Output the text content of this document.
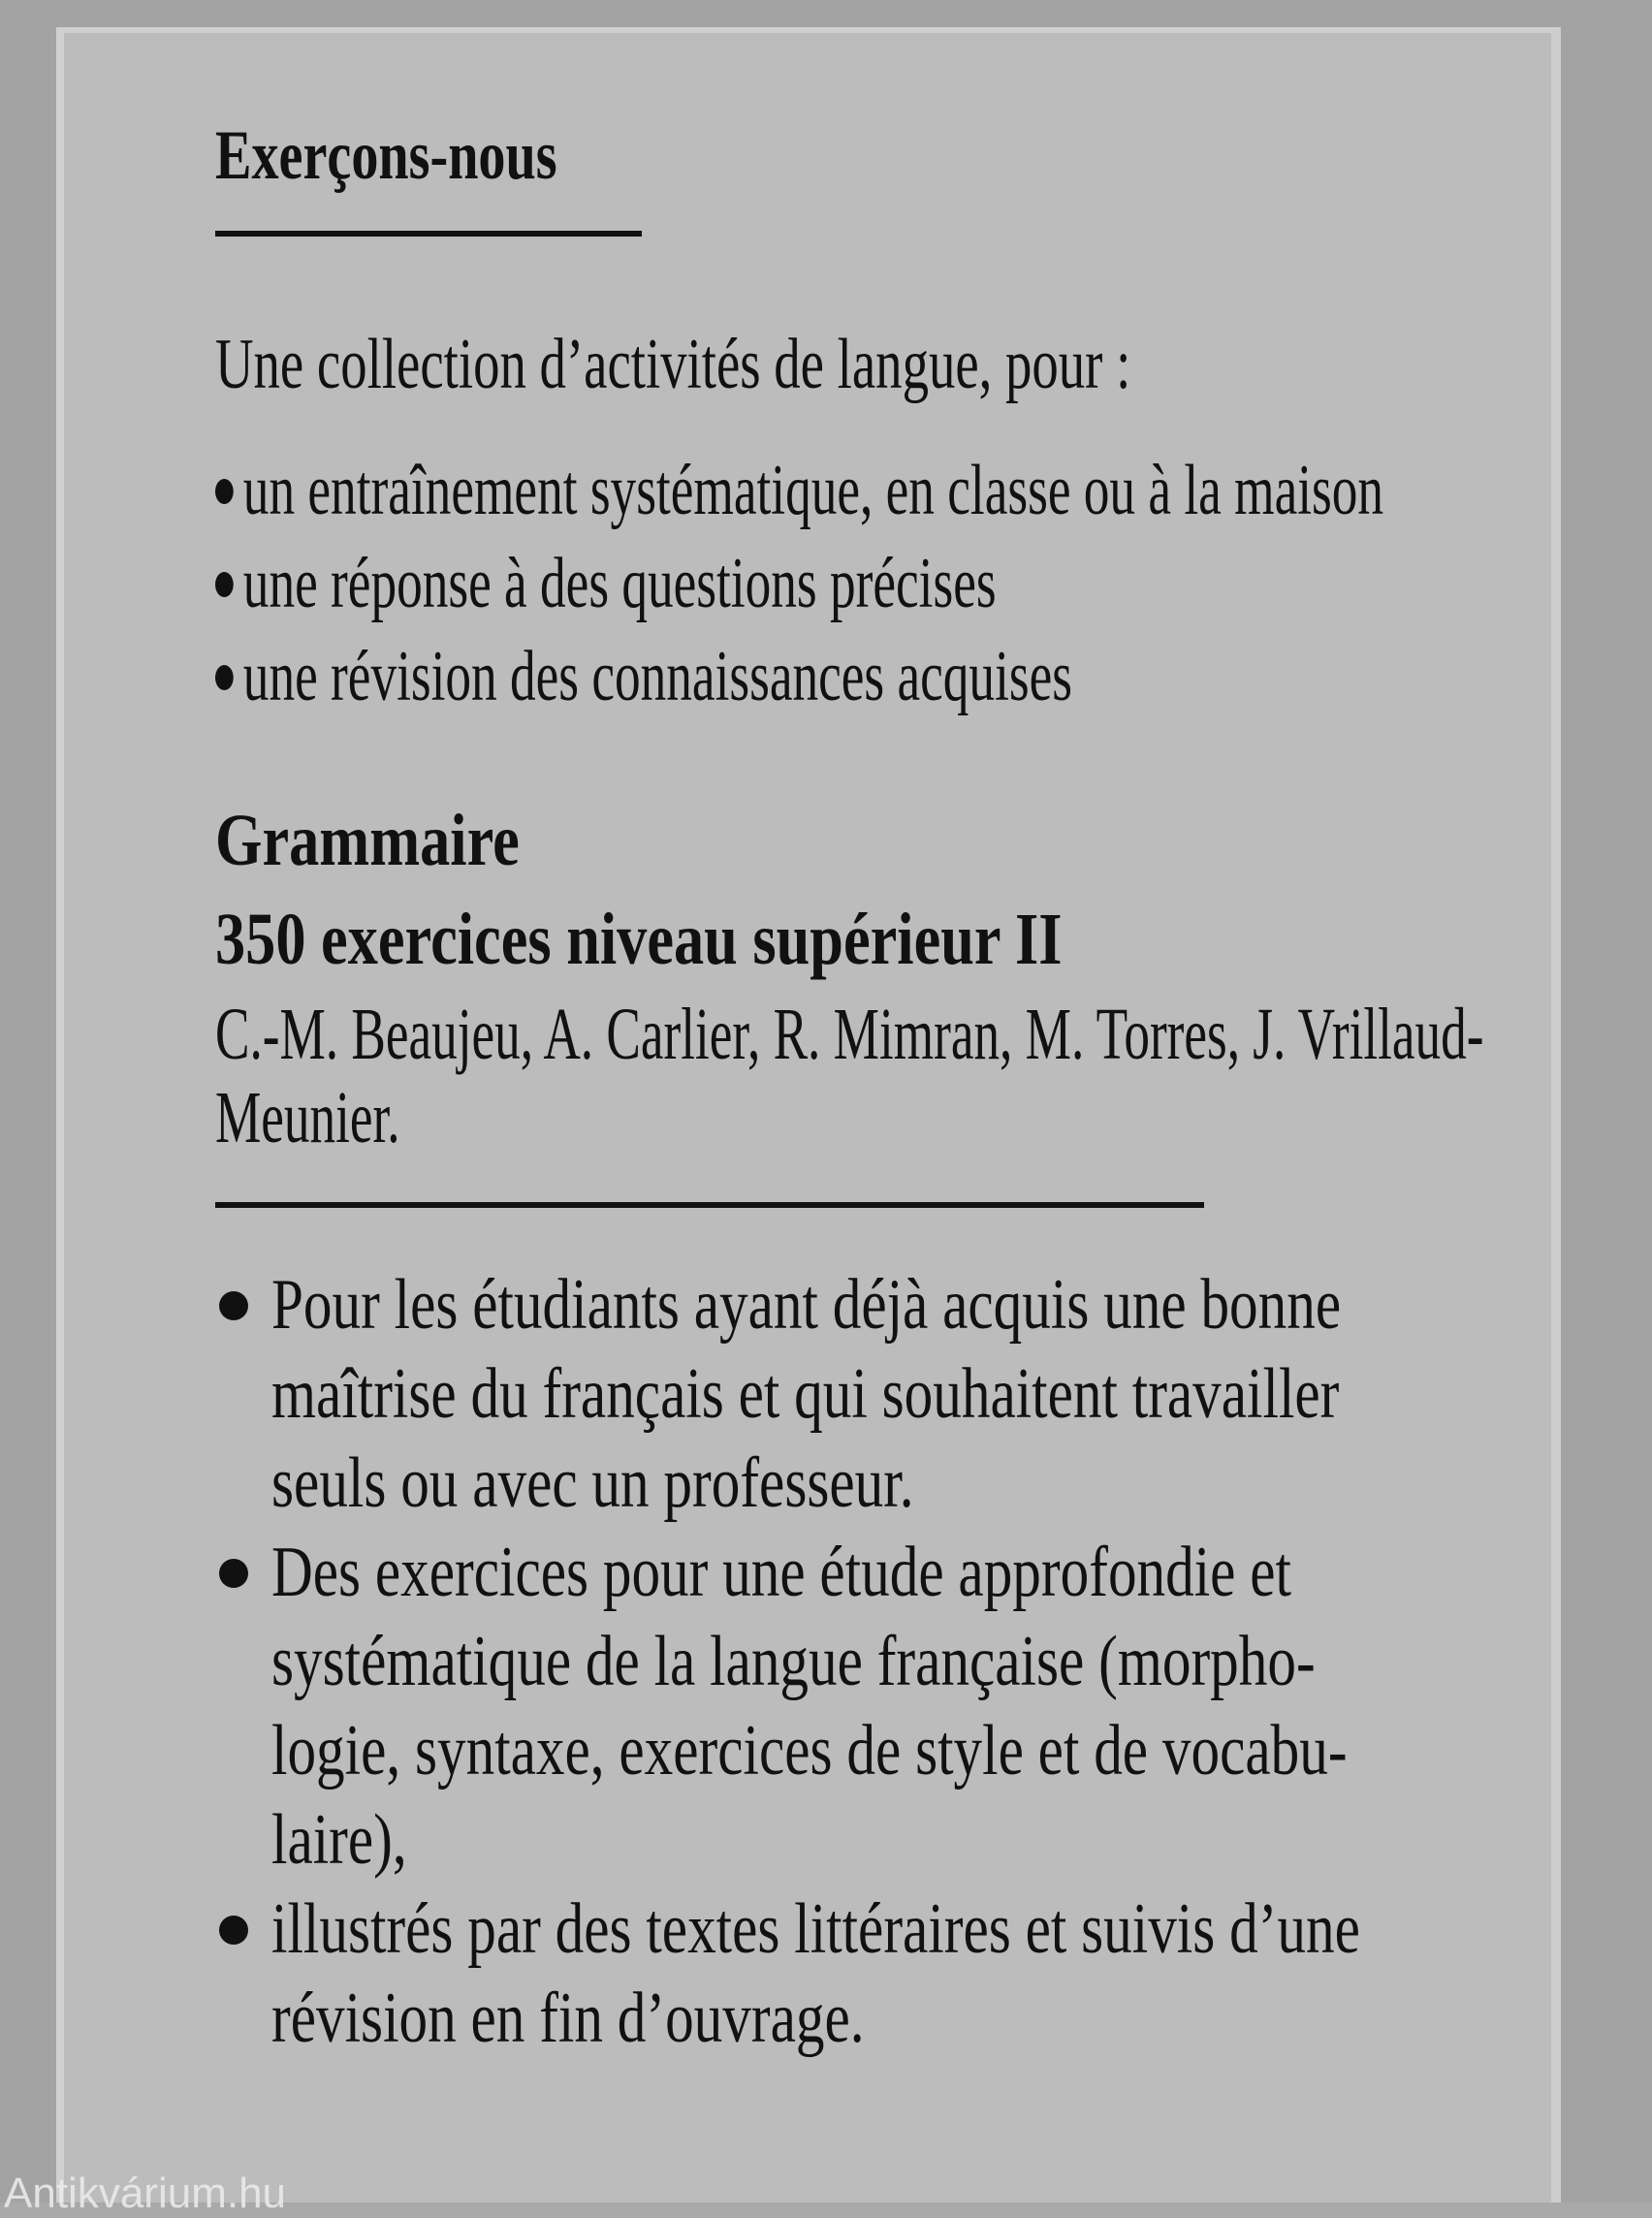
Exerçons-nous
Une collection d’activités de langue, pour :
un entraînement systématique, en classe ou à la maison
une réponse à des questions précises
une révision des connaissances acquises
Grammaire
350 exercices niveau supérieur II
C.-M. Beaujeu, A. Carlier, R. Mimran, M. Torres, J. Vrillaud-
Meunier.
Pour les étudiants ayant déjà acquis une bonne
maîtrise du français et qui souhaitent travailler
seuls ou avec un professeur.
Des exercices pour une étude approfondie et
systématique de la langue française (morpho-
logie, syntaxe, exercices de style et de vocabu-
laire),
illustrés par des textes littéraires et suivis d’une
révision en fin d’ouvrage.
Antikvárium.hu
